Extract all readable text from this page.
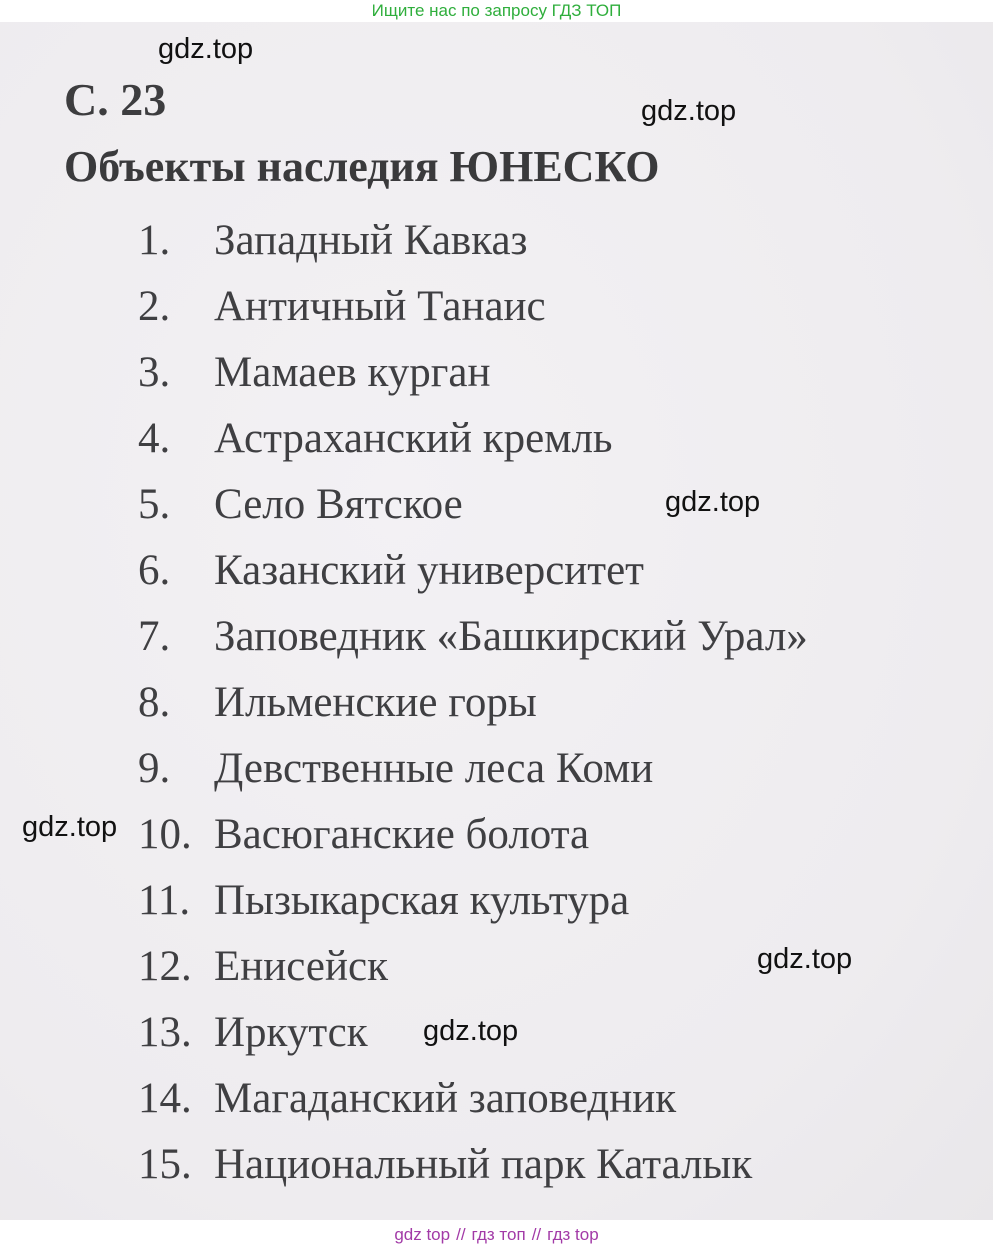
Ищите нас по запросу ГДЗ ТОП
С. 23
Объекты наследия ЮНЕСКО
1.	Западный Кавказ
2.	Античный Танаис
3.	Мамаев курган
4.	Астраханский кремль
5.	Село Вятское
6.	Казанский университет
7.	Заповедник «Башкирский Урал»
8.	Ильменские горы
9.	Девственные леса Коми
10. Васюганские болота
11. Пызыкарская культура
12. Енисейск
13. Иркутск
14. Магаданский заповедник
15. Национальный парк Каталык
gdz.top
gdz.top
gdz.top
gdz.top
gdz.top
gdz.top
gdz top // гдз топ // гдз top
